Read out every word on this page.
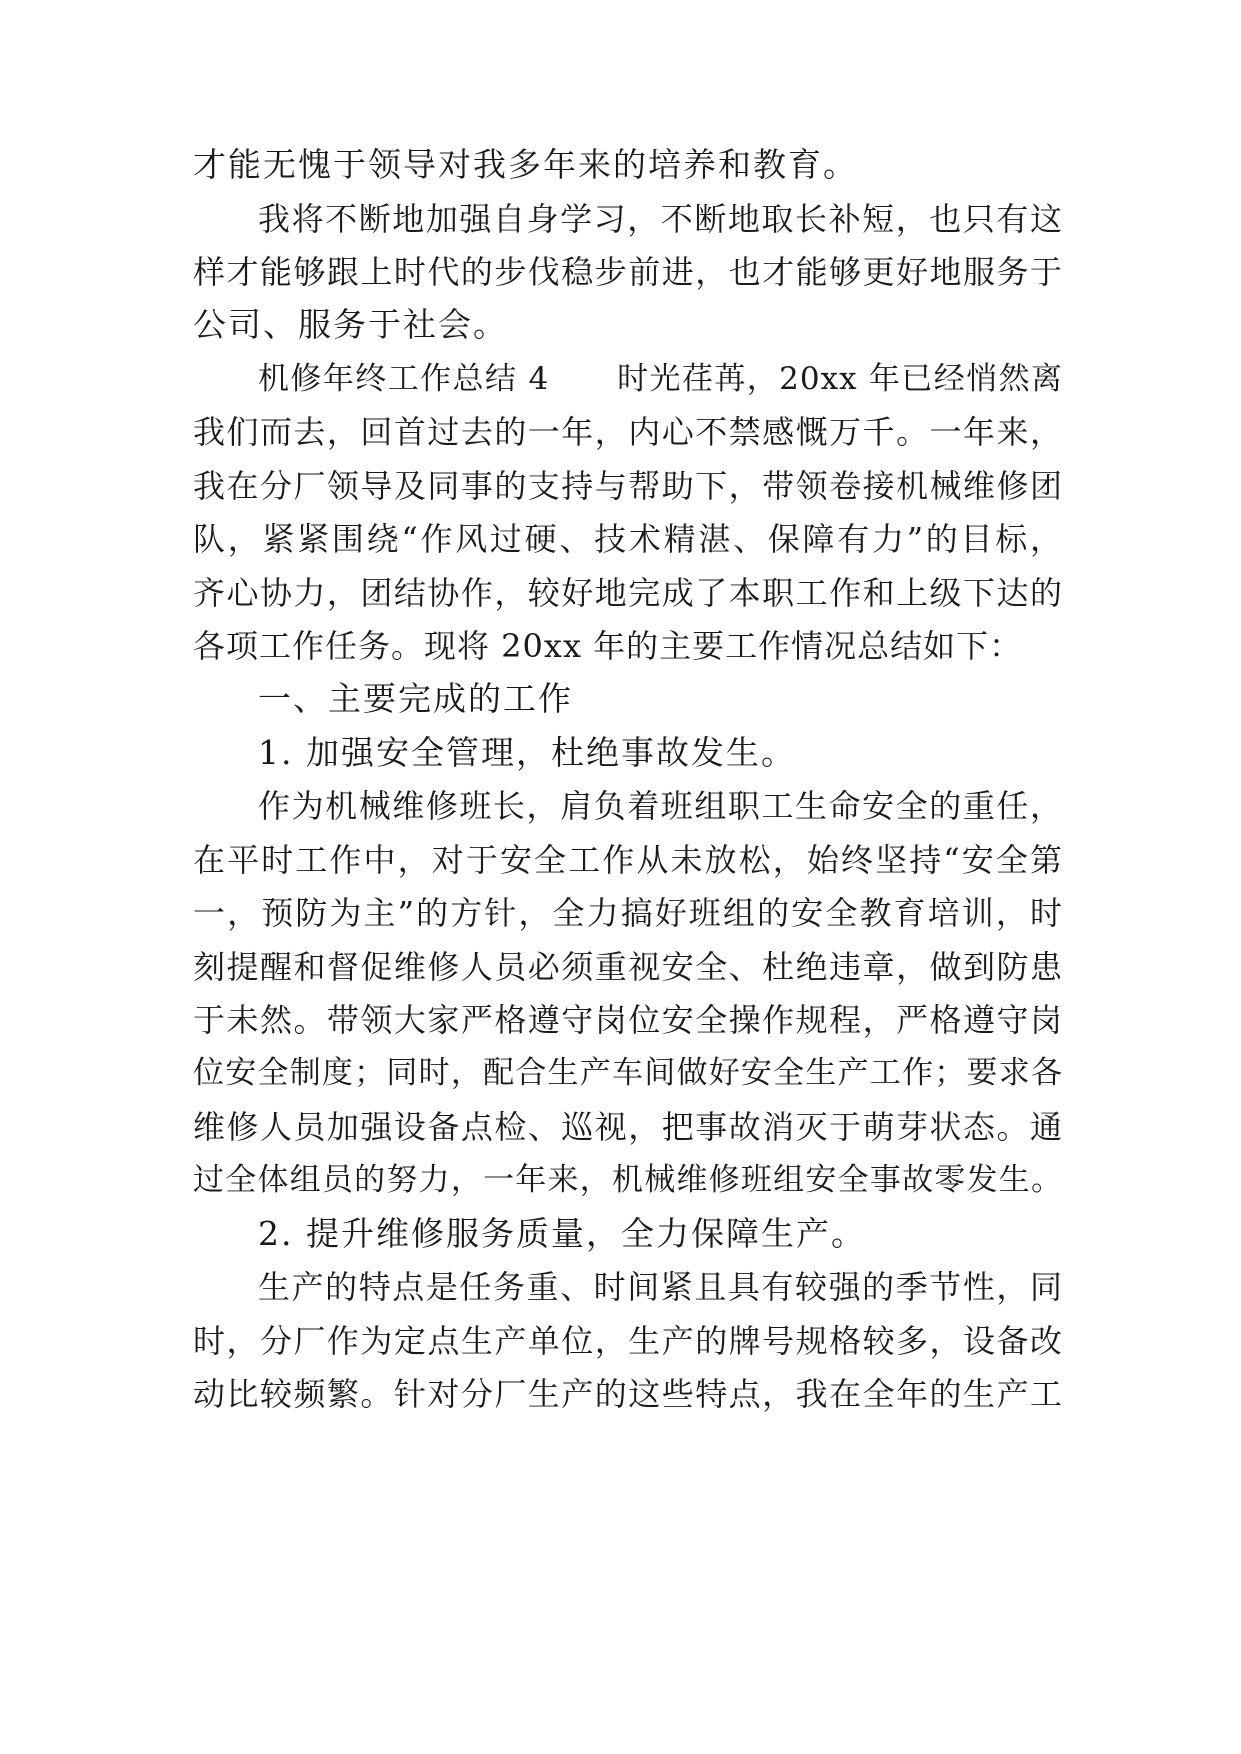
才能无愧于领导对我多年来的培养和教育。
我将不断地加强自身学习，不断地取长补短，也只有这
样才能够跟上时代的步伐稳步前进，也才能够更好地服务于
公司、服务于社会。
机修年终工作总结 4      时光荏苒，20xx 年已经悄然离
我们而去，回首过去的一年，内心不禁感慨万千。一年来，
我在分厂领导及同事的支持与帮助下，带领卷接机械维修团
队，紧紧围绕“作风过硬、技术精湛、保障有力”的目标，
齐心协力，团结协作，较好地完成了本职工作和上级下达的
各项工作任务。现将 20xx 年的主要工作情况总结如下：
一、主要完成的工作
1. 加强安全管理，杜绝事故发生。
作为机械维修班长，肩负着班组职工生命安全的重任，
在平时工作中，对于安全工作从未放松，始终坚持“安全第
一，预防为主”的方针，全力搞好班组的安全教育培训，时
刻提醒和督促维修人员必须重视安全、杜绝违章，做到防患
于未然。带领大家严格遵守岗位安全操作规程，严格遵守岗
位安全制度；同时，配合生产车间做好安全生产工作；要求各
维修人员加强设备点检、巡视，把事故消灭于萌芽状态。通
过全体组员的努力，一年来，机械维修班组安全事故零发生。
2. 提升维修服务质量，全力保障生产。
生产的特点是任务重、时间紧且具有较强的季节性，同
时，分厂作为定点生产单位，生产的牌号规格较多，设备改
动比较频繁。针对分厂生产的这些特点，我在全年的生产工
